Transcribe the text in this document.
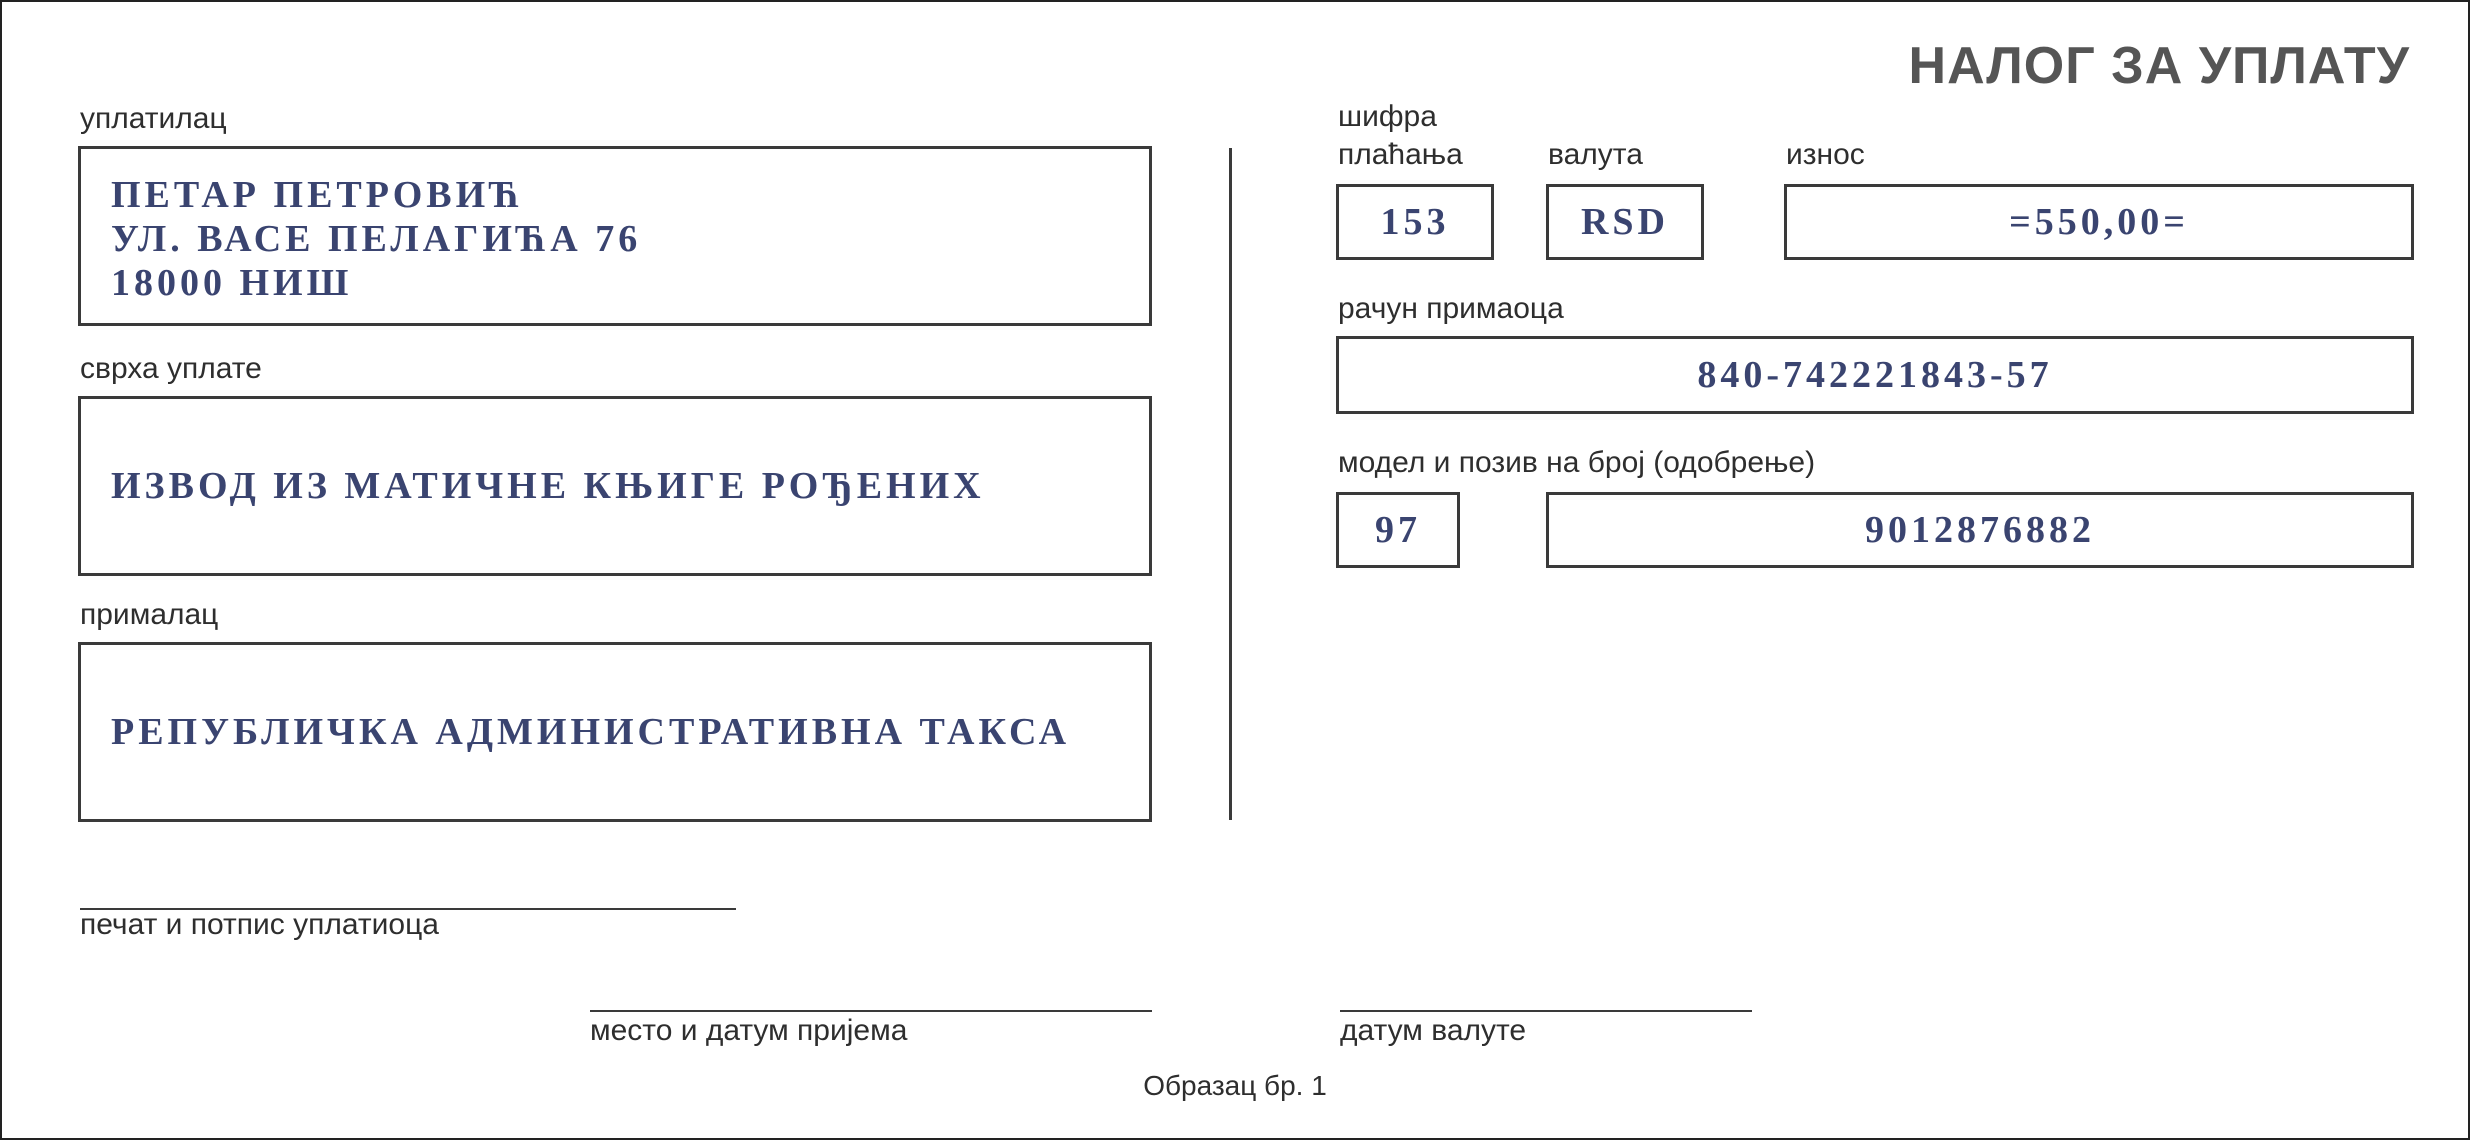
НАЛОГ ЗА УПЛАТУ
уплатилац
ПЕТАР ПЕТРОВИЋ
УЛ. ВАСЕ ПЕЛАГИЋА 76
18000 НИШ
сврха уплате
ИЗВОД ИЗ МАТИЧНЕ КЊИГЕ РОЂЕНИХ
прималац
РЕПУБЛИЧКА АДМИНИСТРАТИВНА ТАКСА
шифра
плаћања	валута	износ
153	RSD	=550,00=
рачун примаоца
840-742221843-57
модел и позив на број (одобрење)
97	9012876882
печат и потпис уплатиоца
место и датум пријема	датум валуте
Образац бр. 1
